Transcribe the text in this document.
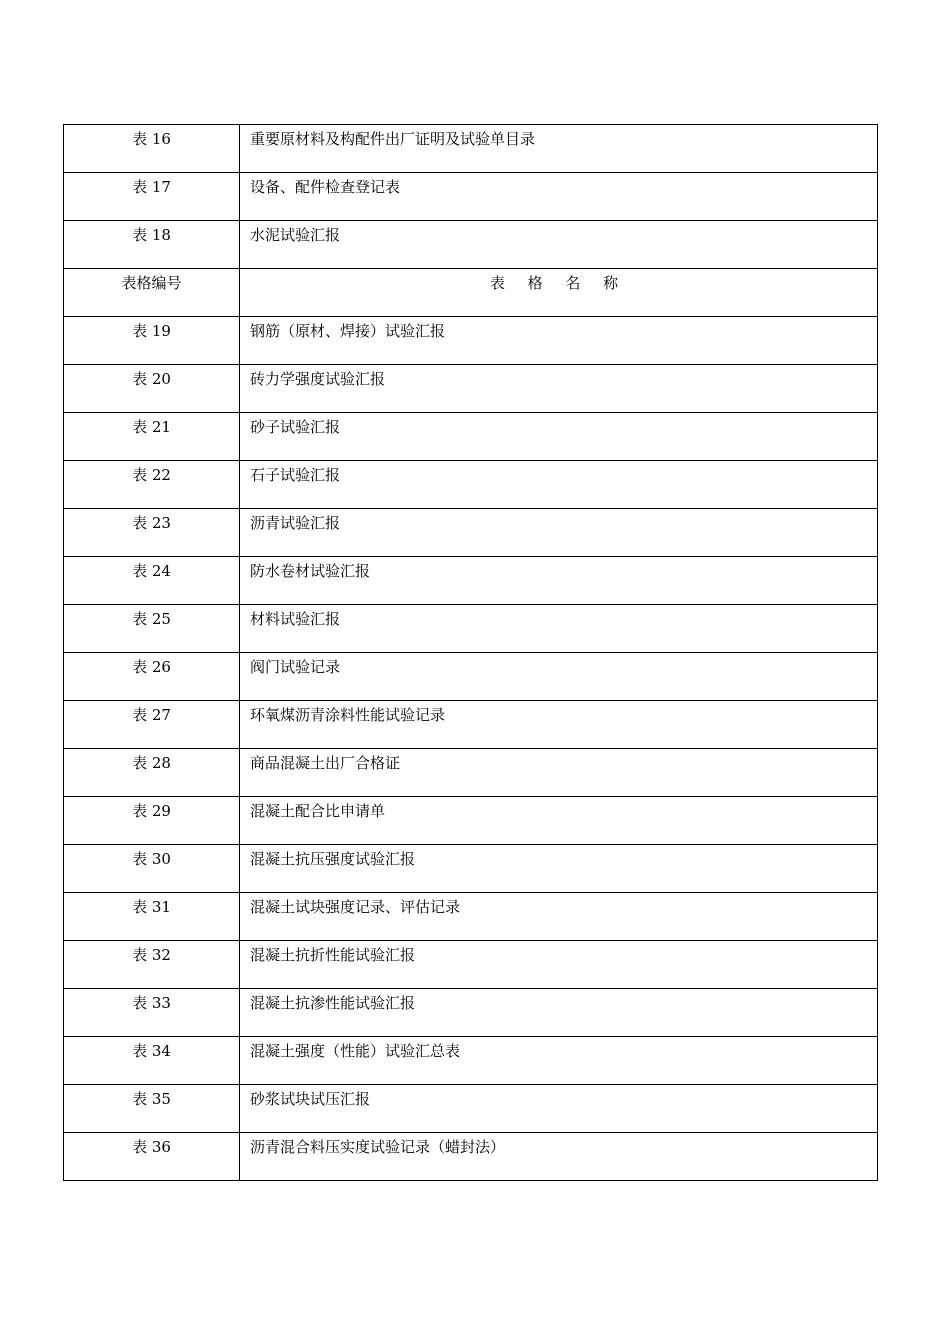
表 16	重要原材料及构配件出厂证明及试验单目录
表 17	设备、配件检查登记表
表 18	水泥试验汇报
表格编号	表 格 名 称
表 19	钢筋（原材、焊接）试验汇报
表 20	砖力学强度试验汇报
表 21	砂子试验汇报
表 22	石子试验汇报
表 23	沥青试验汇报
表 24	防水卷材试验汇报
表 25	材料试验汇报
表 26	阀门试验记录
表 27	环氧煤沥青涂料性能试验记录
表 28	商品混凝土出厂合格证
表 29	混凝土配合比申请单
表 30	混凝土抗压强度试验汇报
表 31	混凝土试块强度记录、评估记录
表 32	混凝土抗折性能试验汇报
表 33	混凝土抗渗性能试验汇报
表 34	混凝土强度（性能）试验汇总表
表 35	砂浆试块试压汇报
表 36	沥青混合料压实度试验记录（蜡封法）
